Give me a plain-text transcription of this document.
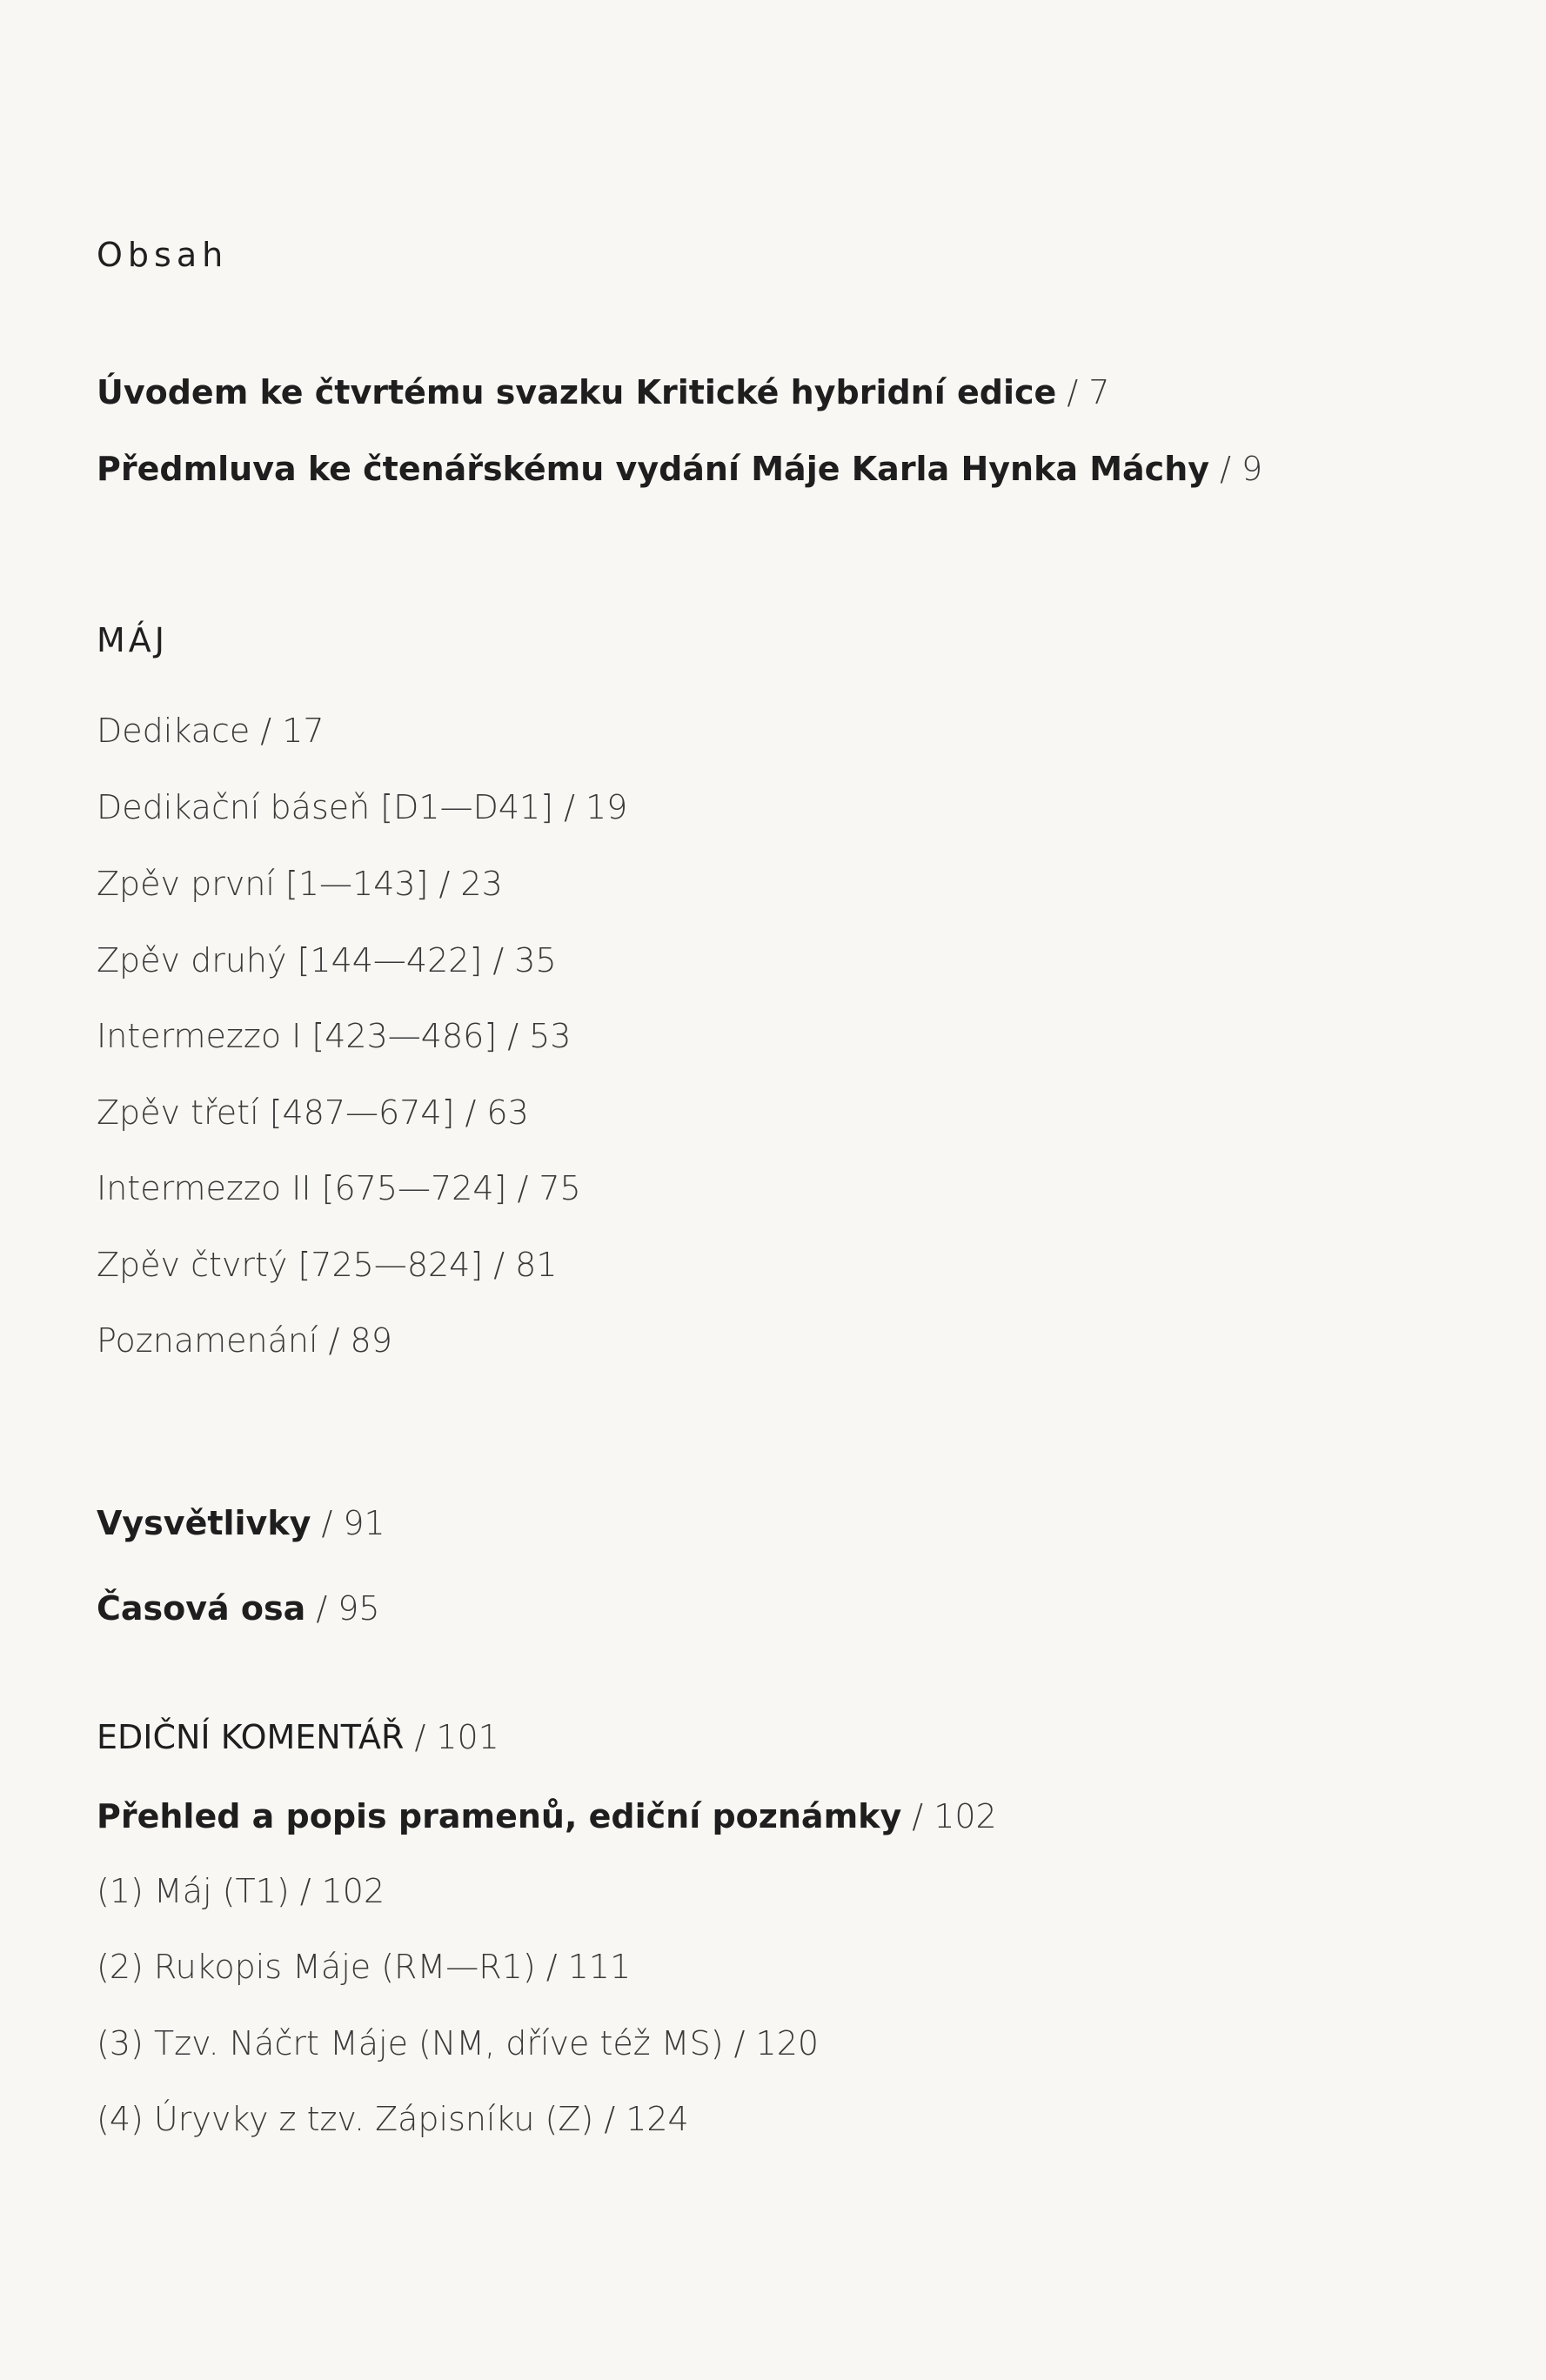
Obsah
Úvodem ke čtvrtému svazku Kritické hybridní edice / 7
Předmluva ke čtenářskému vydání Máje Karla Hynka Máchy / 9
MÁJ
Dedikace / 17
Dedikační báseň [D1—D41] / 19
Zpěv první [1—143] / 23
Zpěv druhý [144—422] / 35
Intermezzo I [423—486] / 53
Zpěv třetí [487—674] / 63
Intermezzo II [675—724] / 75
Zpěv čtvrtý [725—824] / 81
Poznamenání / 89
Vysvětlivky / 91
Časová osa / 95
EDIČNÍ KOMENTÁŘ / 101
Přehled a popis pramenů, ediční poznámky / 102
(1) Máj (T1) / 102
(2) Rukopis Máje (RM—R1) / 111
(3) Tzv. Náčrt Máje (NM, dříve též MS) / 120
(4) Úryvky z tzv. Zápisníku (Z) / 124
